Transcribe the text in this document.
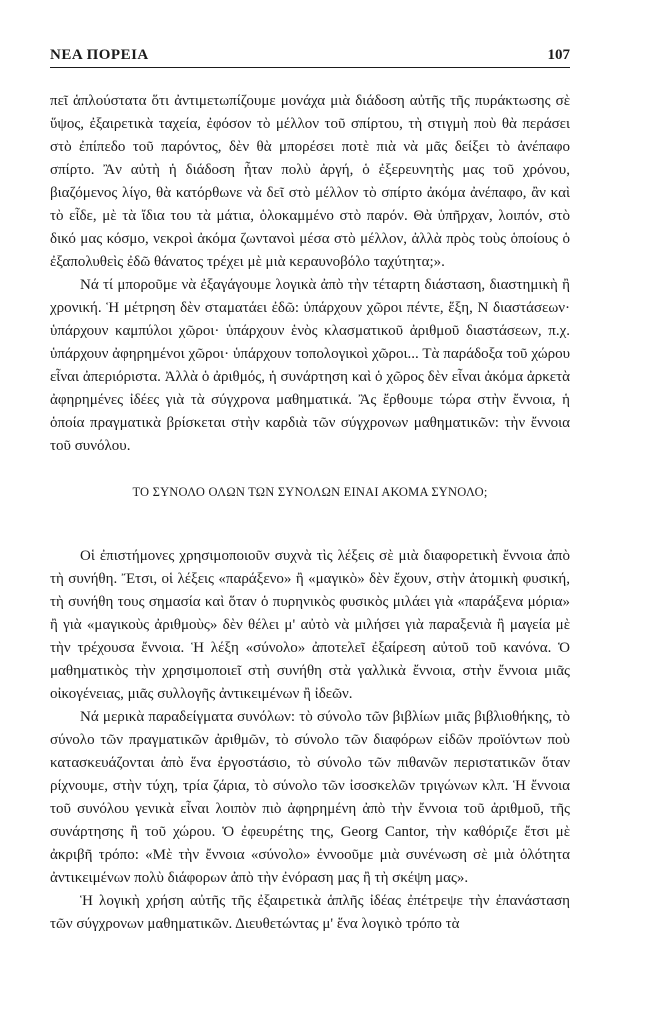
ΝΕΑ ΠΟΡΕΙΑ	107

πεῖ ἁπλούστατα ὅτι ἀντιμετωπίζουμε μονάχα μιὰ διάδοση αὐτῆς τῆς πυράκτωσης σὲ ὕψος, ἐξαιρετικὰ ταχεία, ἐφόσον τὸ μέλλον τοῦ σπίρτου, τὴ στιγμὴ ποὺ θὰ περάσει στὸ ἐπίπεδο τοῦ παρόντος, δὲν θὰ μπορέσει ποτὲ πιὰ νὰ μᾶς δείξει τὸ ἀνέπαφο σπίρτο. Ἂν αὐτὴ ἡ διάδοση ἦταν πολὺ ἀργή, ὁ ἐξερευνητὴς μας τοῦ χρόνου, βιαζόμενος λίγο, θὰ κατόρθωνε νὰ δεῖ στὸ μέλλον τὸ σπίρτο ἀκόμα ἀνέπαφο, ἂν καὶ τὸ εἶδε, μὲ τὰ ἴδια του τὰ μάτια, ὁλοκαμμένο στὸ παρόν. Θὰ ὑπῆρχαν, λοιπόν, στὸ δικό μας κόσμο, νεκροὶ ἀκόμα ζωντανοὶ μέσα στὸ μέλλον, ἀλλὰ πρὸς τοὺς ὁποίους ὁ ἐξαπολυθεὶς ἐδῶ θάνατος τρέχει μὲ μιὰ κεραυνοβόλο ταχύτητα;».

Νά τί μποροῦμε νὰ ἐξαγάγουμε λογικὰ ἀπὸ τὴν τέταρτη διάσταση, διαστημικὴ ἢ χρονική. Ἡ μέτρηση δὲν σταματάει ἐδῶ: ὑπάρχουν χῶροι πέντε, ἕξη, Ν διαστάσεων· ὑπάρχουν καμπύλοι χῶροι· ὑπάρχουν ἑνὸς κλασματικοῦ ἀριθμοῦ διαστάσεων, π.χ. ὑπάρχουν ἀφηρημένοι χῶροι· ὑπάρχουν τοπολογικοὶ χῶροι... Τὰ παράδοξα τοῦ χώρου εἶναι ἀπεριόριστα. Ἀλλὰ ὁ ἀριθμός, ἡ συνάρτηση καὶ ὁ χῶρος δὲν εἶναι ἀκόμα ἀρκετὰ ἀφηρημένες ἰδέες γιὰ τὰ σύγχρονα μαθηματικά. Ἂς ἔρθουμε τώρα στὴν ἔννοια, ἡ ὁποία πραγματικὰ βρίσκεται στὴν καρδιὰ τῶν σύγχρονων μαθηματικῶν: τὴν ἔννοια τοῦ συνόλου.

ΤΟ ΣΥΝΟΛΟ ΟΛΩΝ ΤΩΝ ΣΥΝΟΛΩΝ ΕΙΝΑΙ ΑΚΟΜΑ ΣΥΝΟΛΟ;

Οἱ ἐπιστήμονες χρησιμοποιοῦν συχνὰ τὶς λέξεις σὲ μιὰ διαφορετικὴ ἔννοια ἀπὸ τὴ συνήθη. Ἔτσι, οἱ λέξεις «παράξενο» ἢ «μαγικὸ» δὲν ἔχουν, στὴν ἀτομικὴ φυσική, τὴ συνήθη τους σημασία καὶ ὅταν ὁ πυρηνικὸς φυσικὸς μιλάει γιὰ «παράξενα μόρια» ἢ γιὰ «μαγικοὺς ἀριθμοὺς» δὲν θέλει μ' αὐτὸ νὰ μιλήσει γιὰ παραξενιὰ ἢ μαγεία μὲ τὴν τρέχουσα ἔννοια. Ἡ λέξη «σύνολο» ἀποτελεῖ ἐξαίρεση αὐτοῦ τοῦ κανόνα. Ὁ μαθηματικὸς τὴν χρησιμοποιεῖ στὴ συνήθη στὰ γαλλικὰ ἔννοια, στὴν ἔννοια μιᾶς οἰκογένειας, μιᾶς συλλογῆς ἀντικειμένων ἢ ἰδεῶν.

Νά μερικὰ παραδείγματα συνόλων: τὸ σύνολο τῶν βιβλίων μιᾶς βιβλιοθήκης, τὸ σύνολο τῶν πραγματικῶν ἀριθμῶν, τὸ σύνολο τῶν διαφόρων εἰδῶν προϊόντων ποὺ κατασκευάζονται ἀπὸ ἕνα ἐργοστάσιο, τὸ σύνολο τῶν πιθανῶν περιστατικῶν ὅταν ρίχνουμε, στὴν τύχη, τρία ζάρια, τὸ σύνολο τῶν ἰσοσκελῶν τριγώνων κλπ. Ἡ ἔννοια τοῦ συνόλου γενικὰ εἶναι λοιπὸν πιὸ ἀφηρημένη ἀπὸ τὴν ἔννοια τοῦ ἀριθμοῦ, τῆς συνάρτησης ἢ τοῦ χώρου. Ὁ ἐφευρέτης της, Georg Cantor, τὴν καθόριζε ἔτσι μὲ ἀκριβῆ τρόπο: «Μὲ τὴν ἔννοια «σύνολο» ἐννοοῦμε μιὰ συνένωση σὲ μιὰ ὁλότητα ἀντικειμένων πολὺ διάφορων ἀπὸ τὴν ἐνόραση μας ἢ τὴ σκέψη μας».

Ἡ λογικὴ χρήση αὐτῆς τῆς ἐξαιρετικὰ ἁπλῆς ἰδέας ἐπέτρεψε τὴν ἐπανάσταση τῶν σύγχρονων μαθηματικῶν. Διευθετώντας μ' ἕνα λογικὸ τρόπο τὰ
